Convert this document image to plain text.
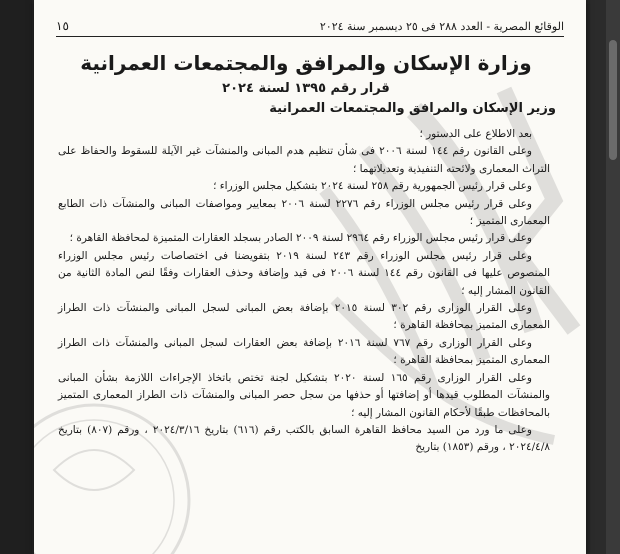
الوقائع المصرية - العدد ٢٨٨ فى ٢٥ ديسمبر سنة ٢٠٢٤
١٥
وزارة الإسكان والمرافق والمجتمعات العمرانية
قرار رقم ١٣٩٥ لسنة ٢٠٢٤
وزير الإسكان والمرافق والمجتمعات العمرانية

بعد الاطلاع على الدستور ؛

وعلى القانون رقم ١٤٤ لسنة ٢٠٠٦ فى شأن تنظيم هدم المبانى والمنشآت غير الآيلة للسقوط والحفاظ على التراث المعمارى ولائحته التنفيذية وتعديلاتهما ؛

وعلى قرار رئيس الجمهورية رقم ٢٥٨ لسنة ٢٠٢٤ بتشكيل مجلس الوزراء ؛

وعلى قرار رئيس مجلس الوزراء رقم ٢٢٧٦ لسنة ٢٠٠٦ بمعايير ومواصفات المبانى والمنشآت ذات الطابع المعمارى المتميز ؛

وعلى قرار رئيس مجلس الوزراء رقم ٢٩٦٤ لسنة ٢٠٠٩ الصادر بسجلد العقارات المتميزة لمحافظة القاهرة ؛

وعلى قرار رئيس مجلس الوزراء رقم ٢٤٣ لسنة ٢٠١٩ بتفويضنا فى اختصاصات رئيس مجلس الوزراء المنصوص عليها فى القانون رقم ١٤٤ لسنة ٢٠٠٦ فى قيد وإضافة وحذف العقارات وفقًا لنص المادة الثانية من القانون المشار إليه ؛

وعلى القرار الوزارى رقم ٣٠٢ لسنة ٢٠١٥ بإضافة بعض المبانى لسجل المبانى والمنشآت ذات الطراز المعمارى المتميز بمحافظة القاهرة ؛

وعلى القرار الوزارى رقم ٧٦٧ لسنة ٢٠١٦ بإضافة بعض العقارات لسجل المبانى والمنشآت ذات الطراز المعمارى المتميز بمحافظة القاهرة ؛

وعلى القرار الوزارى رقم ١٦٥ لسنة ٢٠٢٠ بتشكيل لجنة تختص باتخاذ الإجراءات اللازمة بشأن المبانى والمنشآت المطلوب قيدها أو إضافتها أو حذفها من سجل حصر المبانى والمنشآت ذات الطراز المعمارى المتميز بالمحافظات طبقًا لأحكام القانون المشار إليه ؛

وعلى ما ورد من السيد محافظ القاهرة السابق بالكتب رقم (٦١٦) بتاريخ ٢٠٢٤/٣/١٦ ، ورقم (٨٠٧) بتاريخ ٢٠٢٤/٤/٨ ، ورقم (١٨٥٣) بتاريخ
